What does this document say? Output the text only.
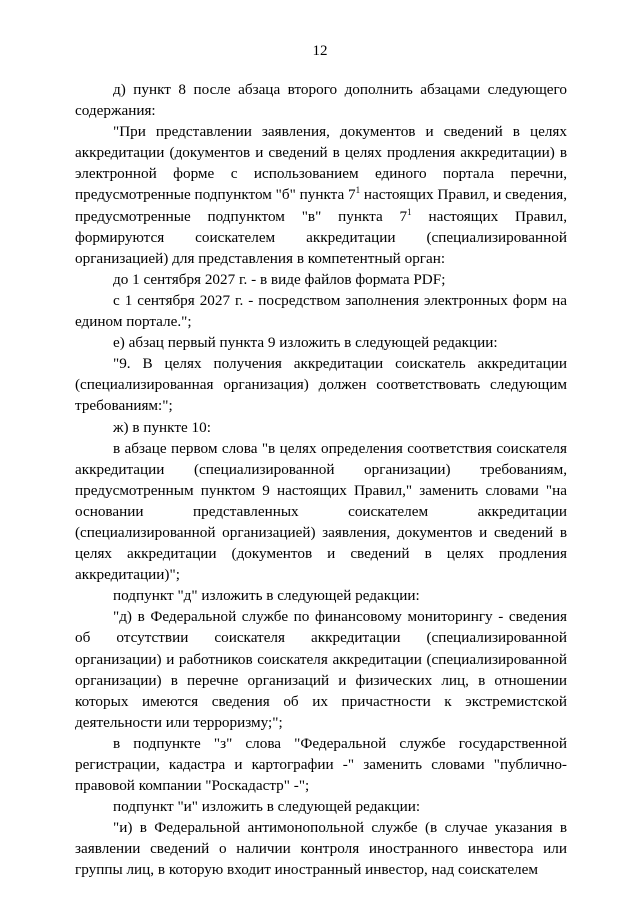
12

д) пункт 8 после абзаца второго дополнить абзацами следующего содержания:

"При представлении заявления, документов и сведений в целях аккредитации (документов и сведений в целях продления аккредитации) в электронной форме с использованием единого портала перечни, предусмотренные подпунктом "б" пункта $7^1$ настоящих Правил, и сведения, предусмотренные подпунктом "в" пункта $7^1$ настоящих Правил, формируются соискателем аккредитации (специализированной организацией) для представления в компетентный орган:

до 1 сентября 2027 г. - в виде файлов формата PDF;

с 1 сентября 2027 г. - посредством заполнения электронных форм на едином портале.";

е) абзац первый пункта 9 изложить в следующей редакции:

"9. В целях получения аккредитации соискатель аккредитации (специализированная организация) должен соответствовать следующим требованиям:";

ж) в пункте 10:

в абзаце первом слова "в целях определения соответствия соискателя аккредитации (специализированной организации) требованиям, предусмотренным пунктом 9 настоящих Правил," заменить словами "на основании представленных соискателем аккредитации (специализированной организацией) заявления, документов и сведений в целях аккредитации (документов и сведений в целях продления аккредитации)";

подпункт "д" изложить в следующей редакции:

"д) в Федеральной службе по финансовому мониторингу - сведения об отсутствии соискателя аккредитации (специализированной организации) и работников соискателя аккредитации (специализированной организации) в перечне организаций и физических лиц, в отношении которых имеются сведения об их причастности к экстремистской деятельности или терроризму;";

в подпункте "з" слова "Федеральной службе государственной регистрации, кадастра и картографии -" заменить словами "публично-правовой компании "Роскадастр" -";

подпункт "и" изложить в следующей редакции:

"и) в Федеральной антимонопольной службе (в случае указания в заявлении сведений о наличии контроля иностранного инвестора или группы лиц, в которую входит иностранный инвестор, над соискателем
